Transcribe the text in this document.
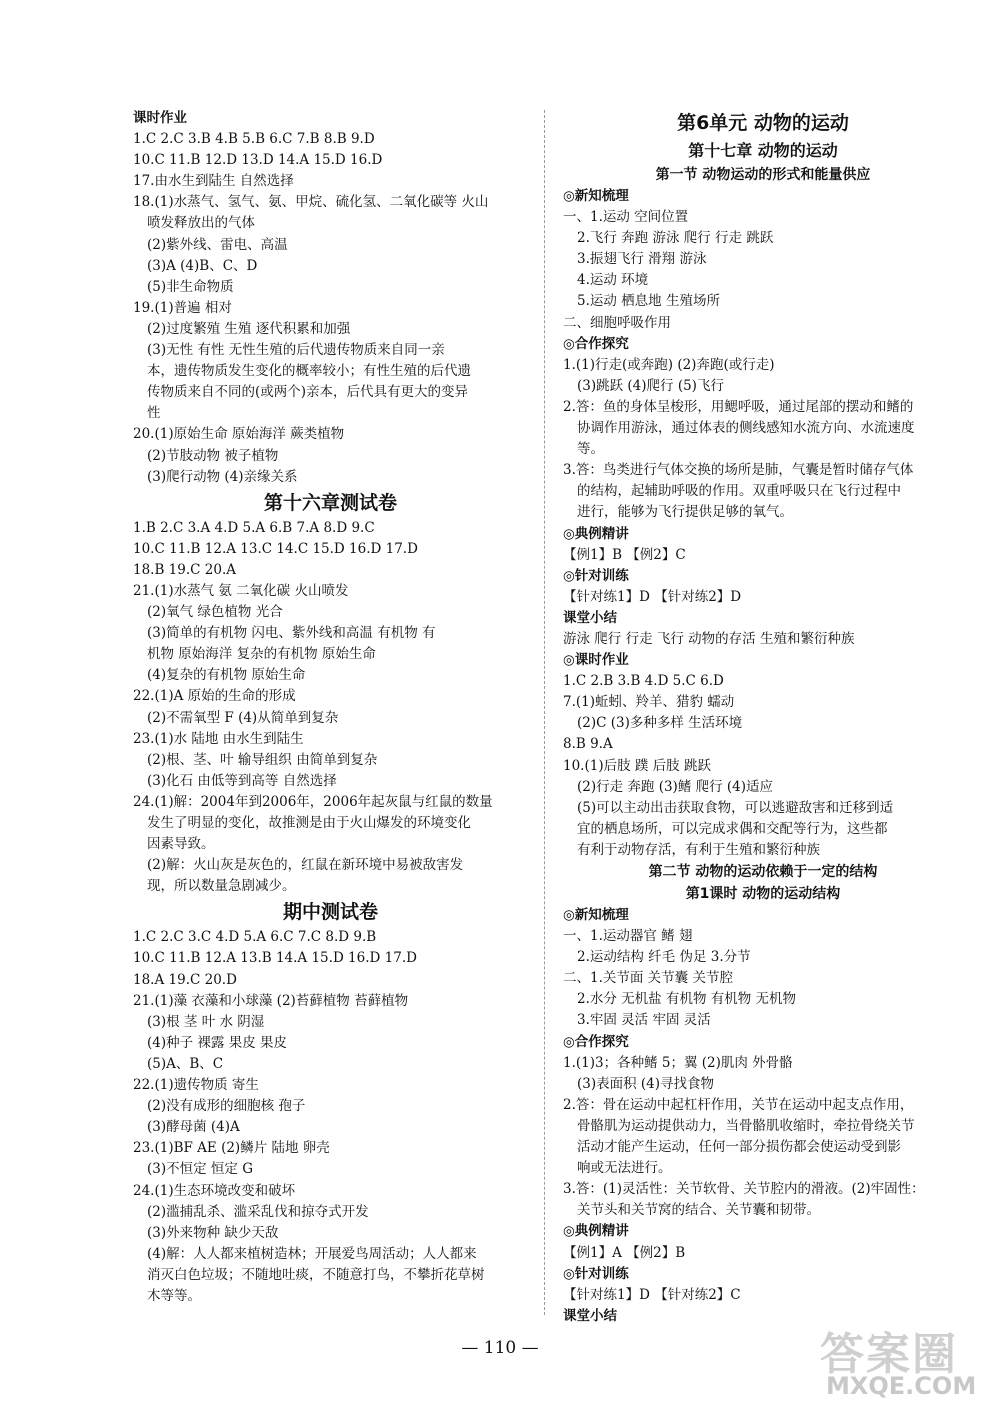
课时作业
1.C 2.C 3.B 4.B 5.B 6.C 7.B 8.B 9.D
10.C 11.B 12.D 13.D 14.A 15.D 16.D
17.由水生到陆生 自然选择
18.(1)水蒸气、氢气、氨、甲烷、硫化氢、二氧化碳等 火山
喷发释放出的气体
(2)紫外线、雷电、高温
(3)A (4)B、C、D
(5)非生命物质
19.(1)普遍 相对
(2)过度繁殖 生殖 逐代积累和加强
(3)无性 有性 无性生殖的后代遗传物质来自同一亲
本，遗传物质发生变化的概率较小；有性生殖的后代遗
传物质来自不同的(或两个)亲本，后代具有更大的变异
性
20.(1)原始生命 原始海洋 蕨类植物
(2)节肢动物 被子植物
(3)爬行动物 (4)亲缘关系
第十六章测试卷
1.B 2.C 3.A 4.D 5.A 6.B 7.A 8.D 9.C
10.C 11.B 12.A 13.C 14.C 15.D 16.D 17.D
18.B 19.C 20.A
21.(1)水蒸气 氨 二氧化碳 火山喷发
(2)氧气 绿色植物 光合
(3)简单的有机物 闪电、紫外线和高温 有机物 有
机物 原始海洋 复杂的有机物 原始生命
(4)复杂的有机物 原始生命
22.(1)A 原始的生命的形成
(2)不需氧型 F (4)从简单到复杂
23.(1)水 陆地 由水生到陆生
(2)根、茎、叶 输导组织 由简单到复杂
(3)化石 由低等到高等 自然选择
24.(1)解：2004年到2006年，2006年起灰鼠与红鼠的数量
发生了明显的变化，故推测是由于火山爆发的环境变化
因素导致。
(2)解：火山灰是灰色的，红鼠在新环境中易被敌害发
现，所以数量急剧减少。
期中测试卷
1.C 2.C 3.C 4.D 5.A 6.C 7.C 8.D 9.B
10.C 11.B 12.A 13.B 14.A 15.D 16.D 17.D
18.A 19.C 20.D
21.(1)藻 衣藻和小球藻 (2)苔藓植物 苔藓植物
(3)根 茎 叶 水 阴湿
(4)种子 裸露 果皮 果皮
(5)A、B、C
22.(1)遗传物质 寄生
(2)没有成形的细胞核 孢子
(3)酵母菌 (4)A
23.(1)BF AE (2)鳞片 陆地 卵壳
(3)不恒定 恒定 G
24.(1)生态环境改变和破坏
(2)滥捕乱杀、滥采乱伐和掠夺式开发
(3)外来物种 缺少天敌
(4)解：人人都来植树造林；开展爱鸟周活动；人人都来
消灭白色垃圾；不随地吐痰，不随意打鸟，不攀折花草树
木等等。
第6单元 动物的运动
第十七章 动物的运动
第一节 动物运动的形式和能量供应
◎新知梳理
一、1.运动 空间位置
2.飞行 奔跑 游泳 爬行 行走 跳跃
3.振翅飞行 滑翔 游泳
4.运动 环境
5.运动 栖息地 生殖场所
二、细胞呼吸作用
◎合作探究
1.(1)行走(或奔跑) (2)奔跑(或行走)
(3)跳跃 (4)爬行 (5)飞行
2.答：鱼的身体呈梭形，用鳃呼吸，通过尾部的摆动和鳍的
协调作用游泳，通过体表的侧线感知水流方向、水流速度
等。
3.答：鸟类进行气体交换的场所是肺，气囊是暂时储存气体
的结构，起辅助呼吸的作用。双重呼吸只在飞行过程中
进行，能够为飞行提供足够的氧气。
◎典例精讲
【例1】B 【例2】C
◎针对训练
【针对练1】D 【针对练2】D
课堂小结
游泳 爬行 行走 飞行 动物的存活 生殖和繁衍种族
◎课时作业
1.C 2.B 3.B 4.D 5.C 6.D
7.(1)蚯蚓、羚羊、猎豹 蠕动
(2)C (3)多种多样 生活环境
8.B 9.A
10.(1)后肢 蹼 后肢 跳跃
(2)行走 奔跑 (3)鳍 爬行 (4)适应
(5)可以主动出击获取食物，可以逃避敌害和迁移到适
宜的栖息场所，可以完成求偶和交配等行为，这些都
有利于动物存活，有利于生殖和繁衍种族
第二节 动物的运动依赖于一定的结构
第1课时 动物的运动结构
◎新知梳理
一、1.运动器官 鳍 翅
2.运动结构 纤毛 伪足 3.分节
二、1.关节面 关节囊 关节腔
2.水分 无机盐 有机物 有机物 无机物
3.牢固 灵活 牢固 灵活
◎合作探究
1.(1)3；各种鳍 5；翼 (2)肌肉 外骨骼
(3)表面积 (4)寻找食物
2.答：骨在运动中起杠杆作用，关节在运动中起支点作用，
骨骼肌为运动提供动力，当骨骼肌收缩时，牵拉骨绕关节
活动才能产生运动，任何一部分损伤都会使运动受到影
响或无法进行。
3.答：(1)灵活性：关节软骨、关节腔内的滑液。(2)牢固性：
关节头和关节窝的结合、关节囊和韧带。
◎典例精讲
【例1】A 【例2】B
◎针对训练
【针对练1】D 【针对练2】C
课堂小结
— 110 —	答案圈
MXQE.COM
